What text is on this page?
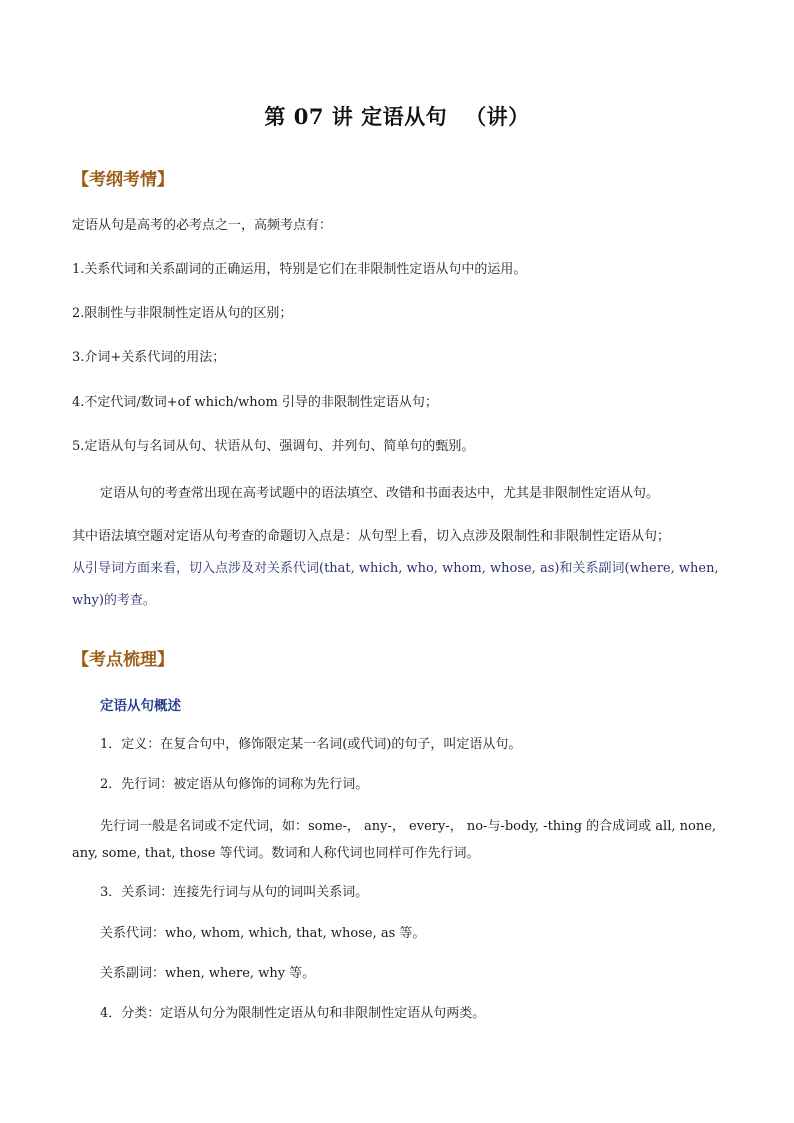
第 07 讲 定语从句 （讲）
【考纲考情】
定语从句是高考的必考点之一，高频考点有：
1.关系代词和关系副词的正确运用，特别是它们在非限制性定语从句中的运用。
2.限制性与非限制性定语从句的区别；
3.介词+关系代词的用法；
4.不定代词/数词+of which/whom 引导的非限制性定语从句；
5.定语从句与名词从句、状语从句、强调句、并列句、简单句的甄别。
定语从句的考查常出现在高考试题中的语法填空、改错和书面表达中，尤其是非限制性定语从句。
其中语法填空题对定语从句考查的命题切入点是：从句型上看，切入点涉及限制性和非限制性定语从句；
从引导词方面来看，切入点涉及对关系代词(that, which, who, whom, whose, as)和关系副词(where, when,
why)的考查。
【考点梳理】
定语从句概述
1．定义：在复合句中，修饰限定某一名词(或代词)的句子，叫定语从句。
2．先行词：被定语从句修饰的词称为先行词。
先行词一般是名词或不定代词，如：some-， any-， every-， no-与-body, -thing 的合成词或 all, none,
any, some, that, those 等代词。数词和人称代词也同样可作先行词。
3．关系词：连接先行词与从句的词叫关系词。
关系代词：who, whom, which, that, whose, as 等。
关系副词：when, where, why 等。
4．分类：定语从句分为限制性定语从句和非限制性定语从句两类。
